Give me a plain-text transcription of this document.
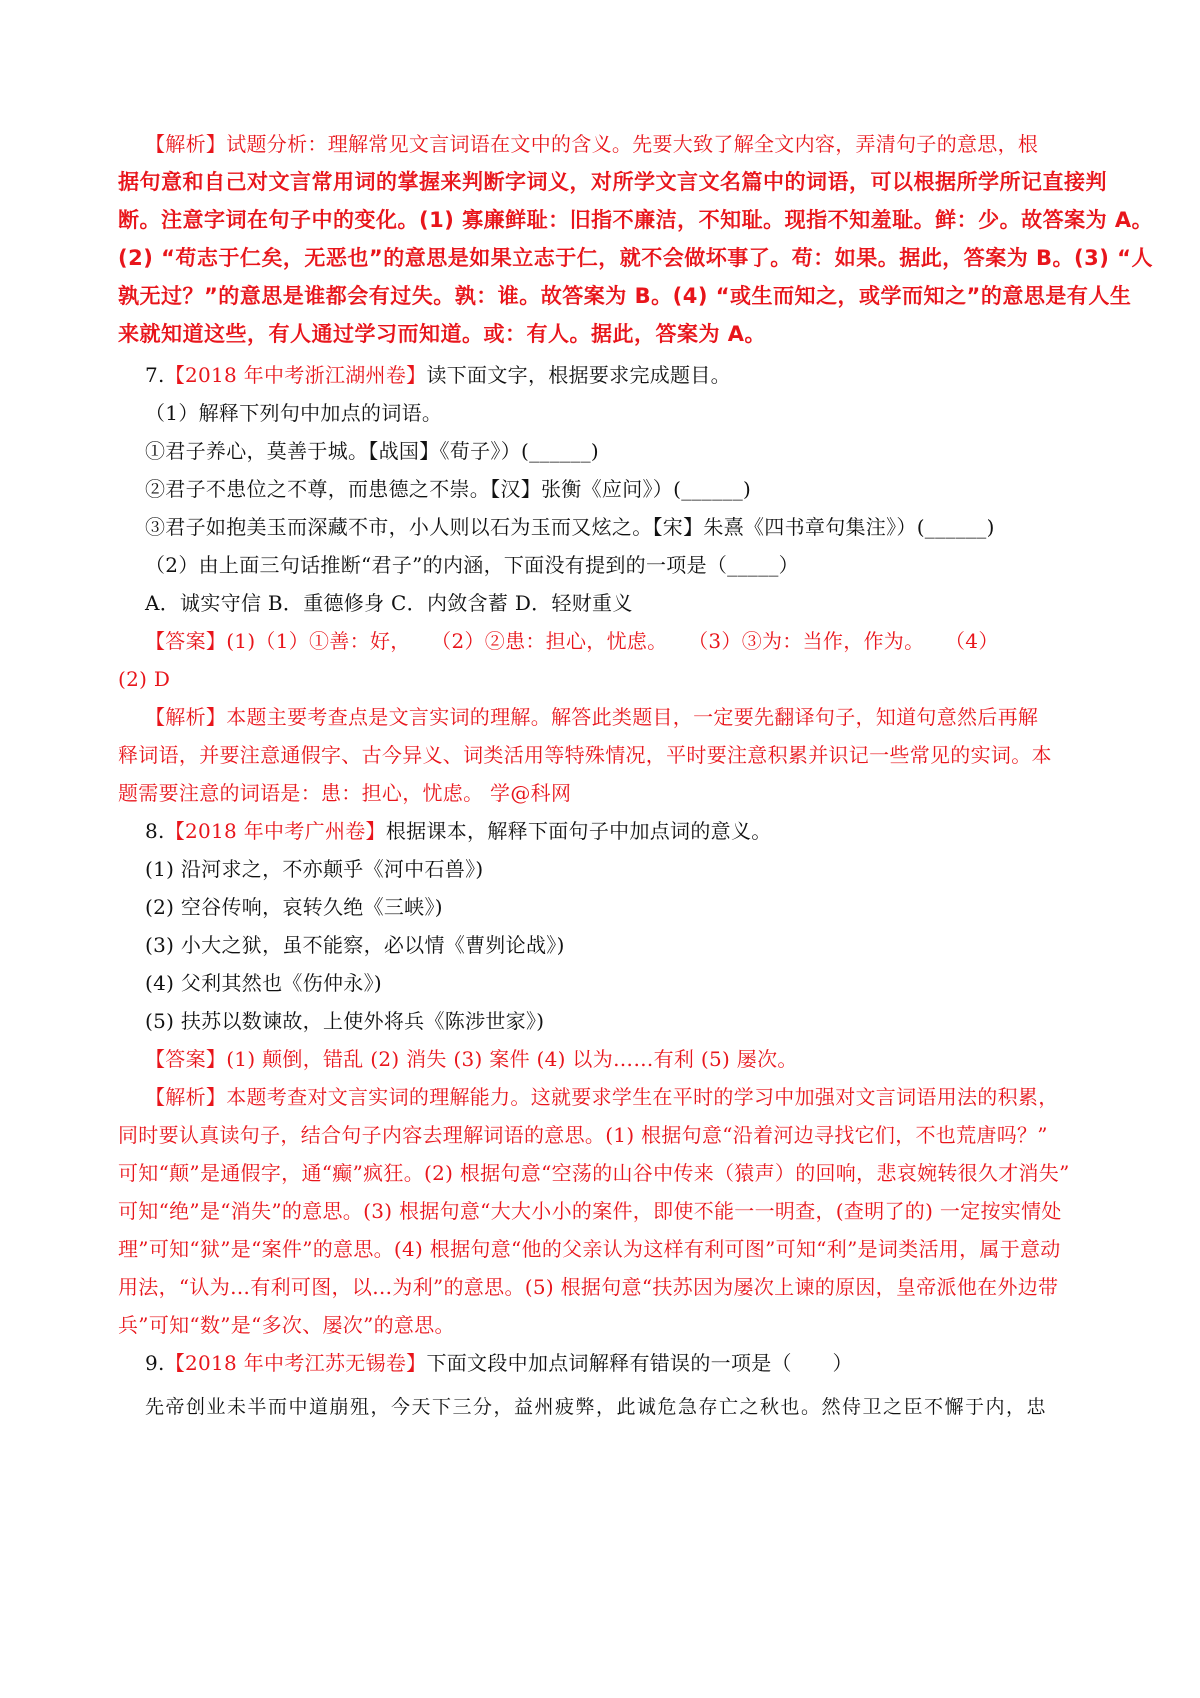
【解析】试题分析：理解常见文言词语在文中的含义。先要大致了解全文内容，弄清句子的意思，根
据句意和自己对文言常用词的掌握来判断字词义，对所学文言文名篇中的词语，可以根据所学所记直接判
断。注意字词在句子中的变化。(1) 寡廉鲜耻：旧指不廉洁，不知耻。现指不知羞耻。鲜：少。故答案为 A。
(2) “苟志于仁矣，无恶也”的意思是如果立志于仁，就不会做坏事了。苟：如果。据此，答案为 B。(3) “人
孰无过？”的意思是谁都会有过失。孰：谁。故答案为 B。(4) “或生而知之，或学而知之”的意思是有人生
来就知道这些，有人通过学习而知道。或：有人。据此，答案为 A。
7.【2018 年中考浙江湖州卷】读下面文字，根据要求完成题目。
（1）解释下列句中加点的词语。
①君子养心，莫善于城。【战国】《荀子》）(______)
②君子不患位之不尊，而患德之不崇。【汉】张衡《应问》）(______)
③君子如抱美玉而深藏不市，小人则以石为玉而又炫之。【宋】朱熹《四书章句集注》）(______)
（2）由上面三句话推断“君子”的内涵，下面没有提到的一项是（_____）
A．诚实守信 B．重德修身 C．内敛含蓄 D．轻财重义
【答案】(1)（1）①善：好，　　（2）②患：担心，忧虑。　　（3）③为：当作，作为。　　（4）
(2) D
【解析】本题主要考查点是文言实词的理解。解答此类题目，一定要先翻译句子，知道句意然后再解
释词语，并要注意通假字、古今异义、词类活用等特殊情况，平时要注意积累并识记一些常见的实词。本
题需要注意的词语是：患：担心，忧虑。 学@科网
8.【2018 年中考广州卷】根据课本，解释下面句子中加点词的意义。
(1) 沿河求之，不亦颠乎《河中石兽》)
(2) 空谷传响，哀转久绝《三峡》)
(3) 小大之狱，虽不能察，必以情《曹刿论战》)
(4) 父利其然也《伤仲永》)
(5) 扶苏以数谏故，上使外将兵《陈涉世家》)
【答案】(1) 颠倒，错乱 (2) 消失 (3) 案件 (4) 以为……有利 (5) 屡次。
【解析】本题考查对文言实词的理解能力。这就要求学生在平时的学习中加强对文言词语用法的积累，
同时要认真读句子，结合句子内容去理解词语的意思。(1) 根据句意“沿着河边寻找它们，不也荒唐吗？”
可知“颠”是通假字，通“癫”疯狂。(2) 根据句意“空荡的山谷中传来（猿声）的回响，悲哀婉转很久才消失”
可知“绝”是“消失”的意思。(3) 根据句意“大大小小的案件，即使不能一一明查，(查明了的) 一定按实情处
理”可知“狱”是“案件”的意思。(4) 根据句意“他的父亲认为这样有利可图”可知“利”是词类活用，属于意动
用法，“认为…有利可图，以…为利”的意思。(5) 根据句意“扶苏因为屡次上谏的原因，皇帝派他在外边带
兵”可知“数”是“多次、屡次”的意思。
9.【2018 年中考江苏无锡卷】下面文段中加点词解释有错误的一项是（　　）
先帝创业未半而中道崩殂，今天下三分，益州疲弊，此诚危急存亡之秋也。然侍卫之臣不懈于内，忠
